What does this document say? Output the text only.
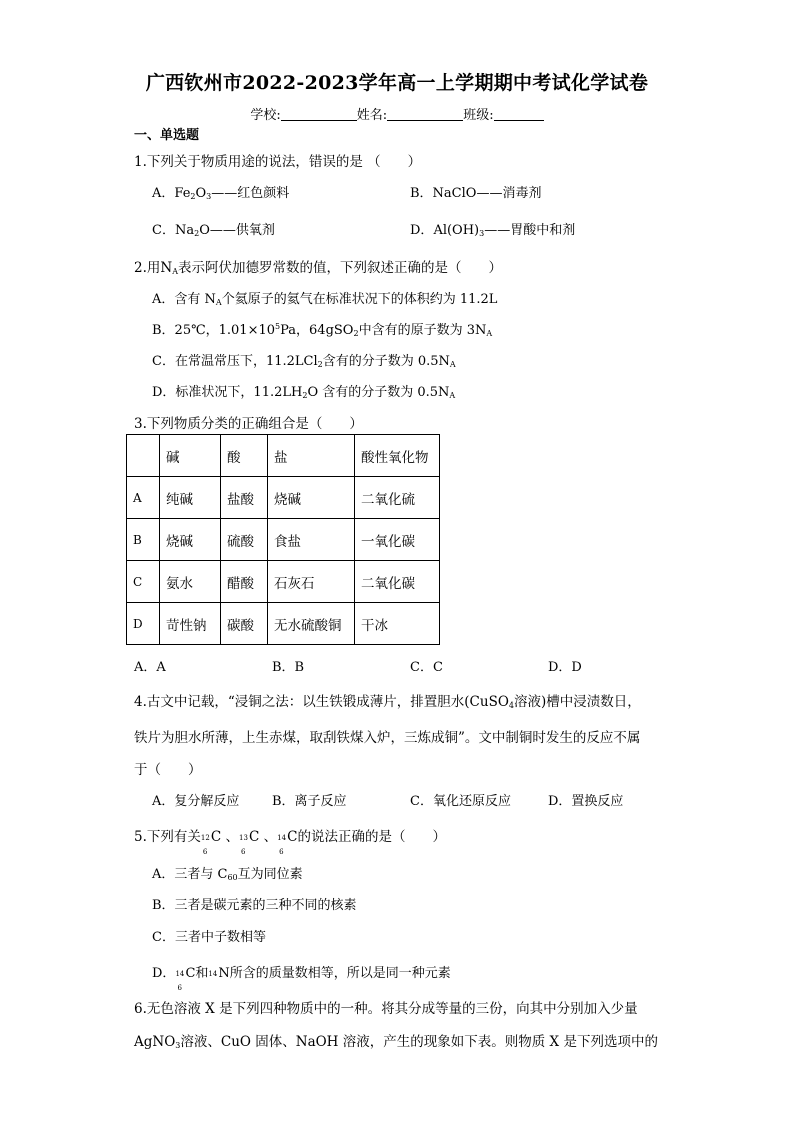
广西钦州市2022-2023学年高一上学期期中考试化学试卷
学校:	姓名:	班级:
一、单选题
1.下列关于物质用途的说法，错误的是 （　　）
A．$Fe_2O_3——$红色颜料	B．NaClO——消毒剂
C．$Na_2O——$供氧剂	D．$Al(OH)_3——$胃酸中和剂
2.用$N_A$表示阿伏加德罗常数的值，下列叙述正确的是（　　）
A．含有 $N_A$个氦原子的氦气在标准状况下的体积约为 11.2L
B．25℃，$1.01\times 10^5Pa$，64gSO$_2$中含有的原子数为 $3N_A$
C．在常温常压下，11.2LCl$_2$含有的分子数为 $0.5N_A$
D．标准状况下，$11.2LH_2O$ 含有的分子数为 $0.5N_A$
3.下列物质分类的正确组合是（　　）
	碱	酸	盐	酸性氧化物
A	纯碱	盐酸	烧碱	二氧化硫
B	烧碱	硫酸	食盐	一氧化碳
C	氨水	醋酸	石灰石	二氧化碳
D	苛性钠	碳酸	无水硫酸铜	干冰
A．A	B．B	C．C	D．D
4.古文中记载，“浸铜之法：以生铁锻成薄片，排置胆水(CuSO$_4$溶液)槽中浸渍数日，
铁片为胆水所薄，上生赤煤，取刮铁煤入炉，三炼成铜”。文中制铜时发生的反应不属
于（　　）
A．复分解反应	B．离子反应	C．氧化还原反应	D．置换反应
5.下列有关 12
6
C 、 13
6
C 、 14
6
C的说法正确的是（　　）
A．三者与 $C_{60}$互为同位素
B．三者是碳元素的三种不同的核素
C．三者中子数相等
D． 14
6
C和 14 N所含的质量数相等，所以是同一种元素
6.无色溶液 X 是下列四种物质中的一种。将其分成等量的三份，向其中分别加入少量
AgNO$_3$溶液、CuO 固体、NaOH 溶液，产生的现象如下表。则物质 X 是下列选项中的
